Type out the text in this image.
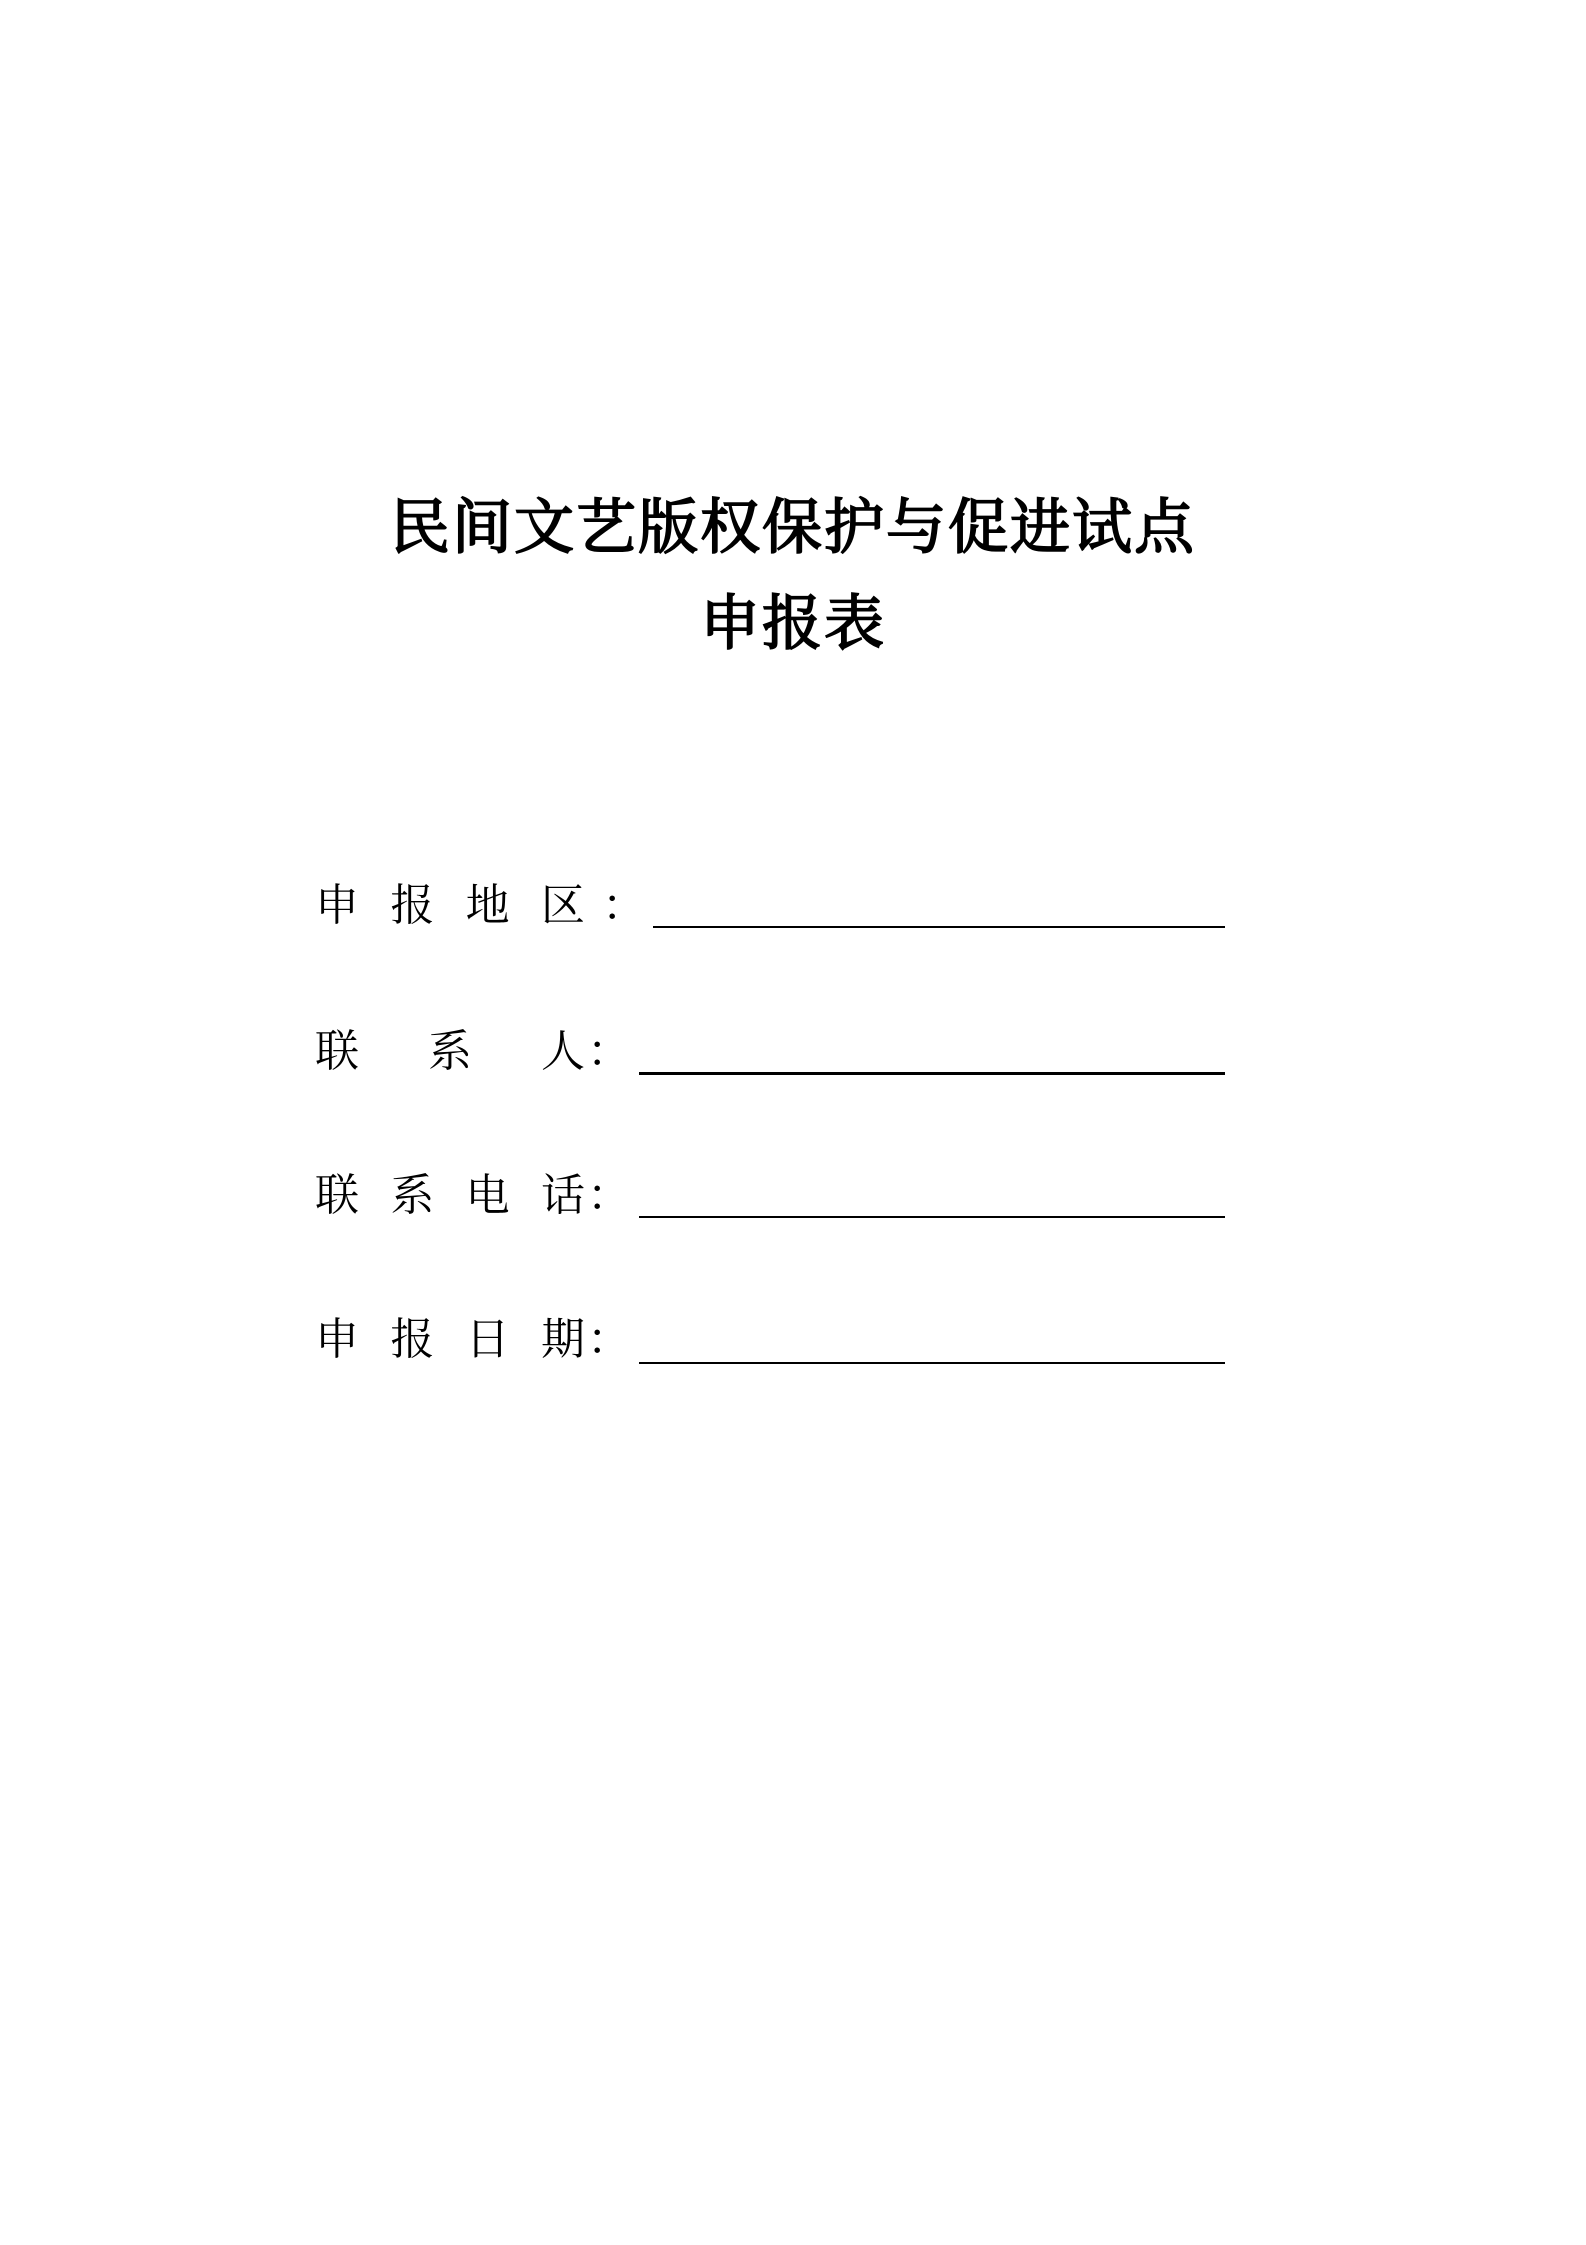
民间文艺版权保护与促进试点
申报表
申 报 地 区 ：
联 系 人 ：
联 系 电 话 ：
申 报 日 期 ：
